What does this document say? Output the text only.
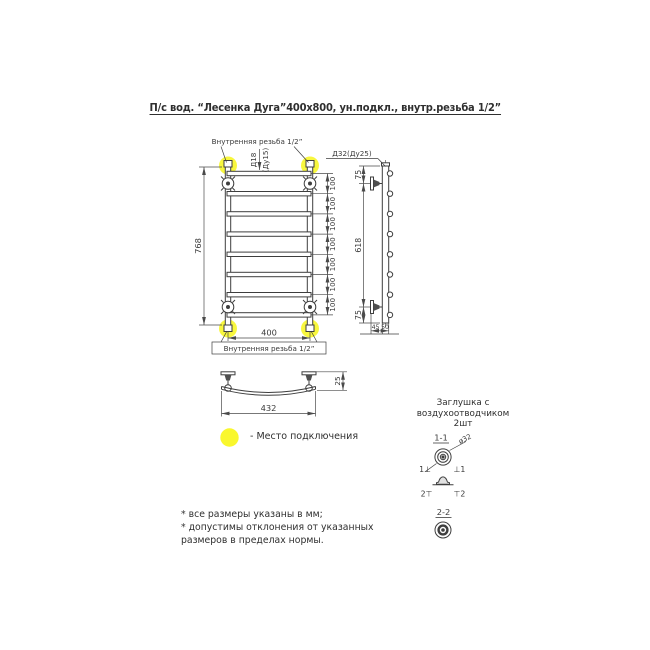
П/с вод. “Лесенка Дуга”400х800, ун.подкл., внутр.резьба 1/2”
768
100
100
100
100
100
100
100
Внутренняя резьба 1/2”
Д18 (Ду15)
400
Внутренняя резьба 1/2”
75
618
75
Д32(Ду25)
45 50
432
25
1-1 ø32
1⊥	⊥1
2⊤	⊤2
2-2
- Место подключения
Заглушка с
воздухоотводчиком
2шт
* все размеры указаны в мм;
* допустимы отклонения от указанных
размеров в пределах нормы.
